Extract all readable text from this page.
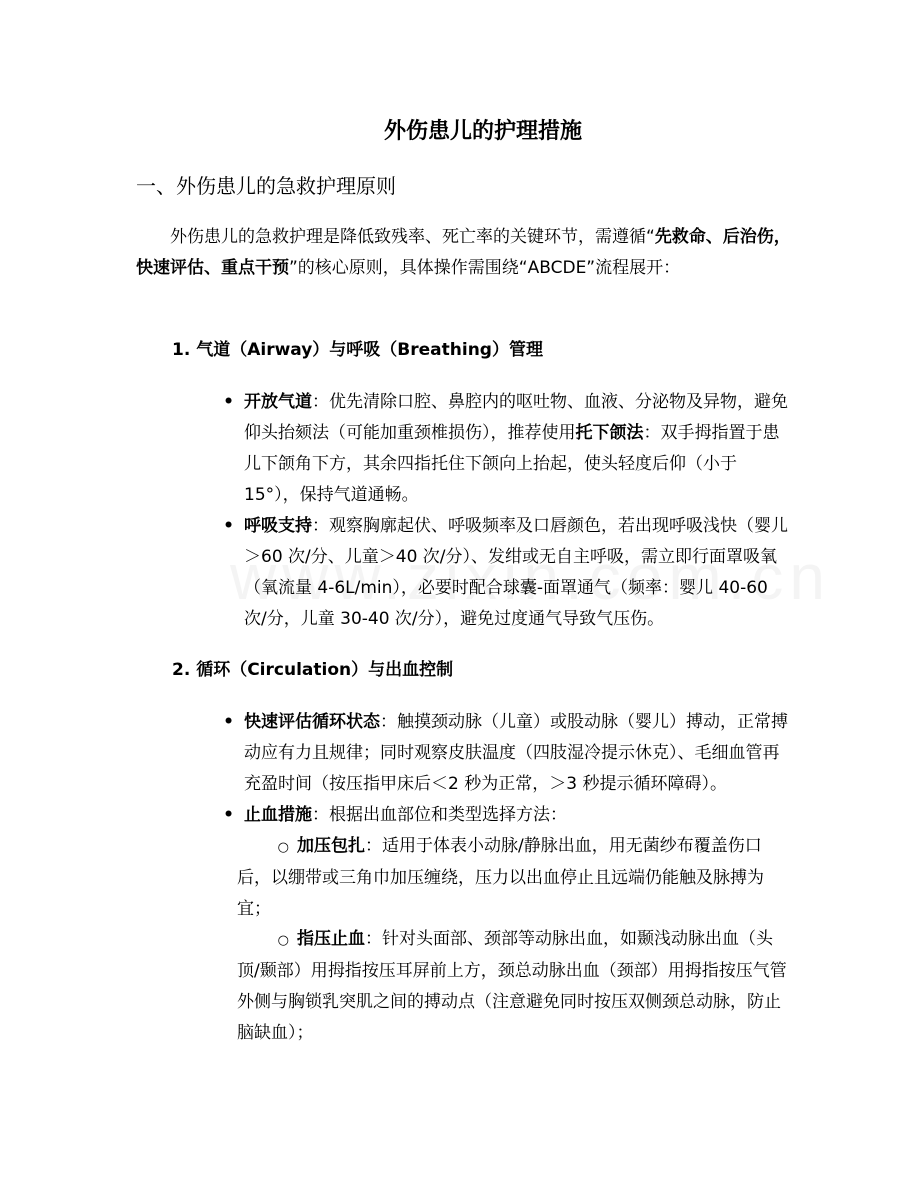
外伤患儿的护理措施
一、外伤患儿的急救护理原则

外伤患儿的急救护理是降低致残率、死亡率的关键环节，需遵循“先救命、后治伤，快速评估、重点干预”的核心原则，具体操作需围绕“ABCDE”流程展开：

1. 气道（Airway）与呼吸（Breathing）管理

• 开放气道：优先清除口腔、鼻腔内的呕吐物、血液、分泌物及异物，避免仰头抬颏法（可能加重颈椎损伤），推荐使用托下颌法：双手拇指置于患儿下颌角下方，其余四指托住下颌向上抬起，使头轻度后仰（小于 15°），保持气道通畅。

• 呼吸支持：观察胸廓起伏、呼吸频率及口唇颜色，若出现呼吸浅快（婴儿＞60 次/分、儿童＞40 次/分）、发绀或无自主呼吸，需立即行面罩吸氧（氧流量 4-6L/min），必要时配合球囊-面罩通气（频率：婴儿 40-60 次/分，儿童 30-40 次/分），避免过度通气导致气压伤。

2. 循环（Circulation）与出血控制

• 快速评估循环状态：触摸颈动脉（儿童）或股动脉（婴儿）搏动，正常搏动应有力且规律；同时观察皮肤温度（四肢湿冷提示休克）、毛细血管再充盈时间（按压指甲床后＜2 秒为正常，＞3 秒提示循环障碍）。

• 止血措施：根据出血部位和类型选择方法：

○ 加压包扎：适用于体表小动脉/静脉出血，用无菌纱布覆盖伤口后，以绷带或三角巾加压缠绕，压力以出血停止且远端仍能触及脉搏为宜；

○ 指压止血：针对头面部、颈部等动脉出血，如颞浅动脉出血（头顶/颞部）用拇指按压耳屏前上方，颈总动脉出血（颈部）用拇指按压气管外侧与胸锁乳突肌之间的搏动点（注意避免同时按压双侧颈总动脉，防止脑缺血）；
